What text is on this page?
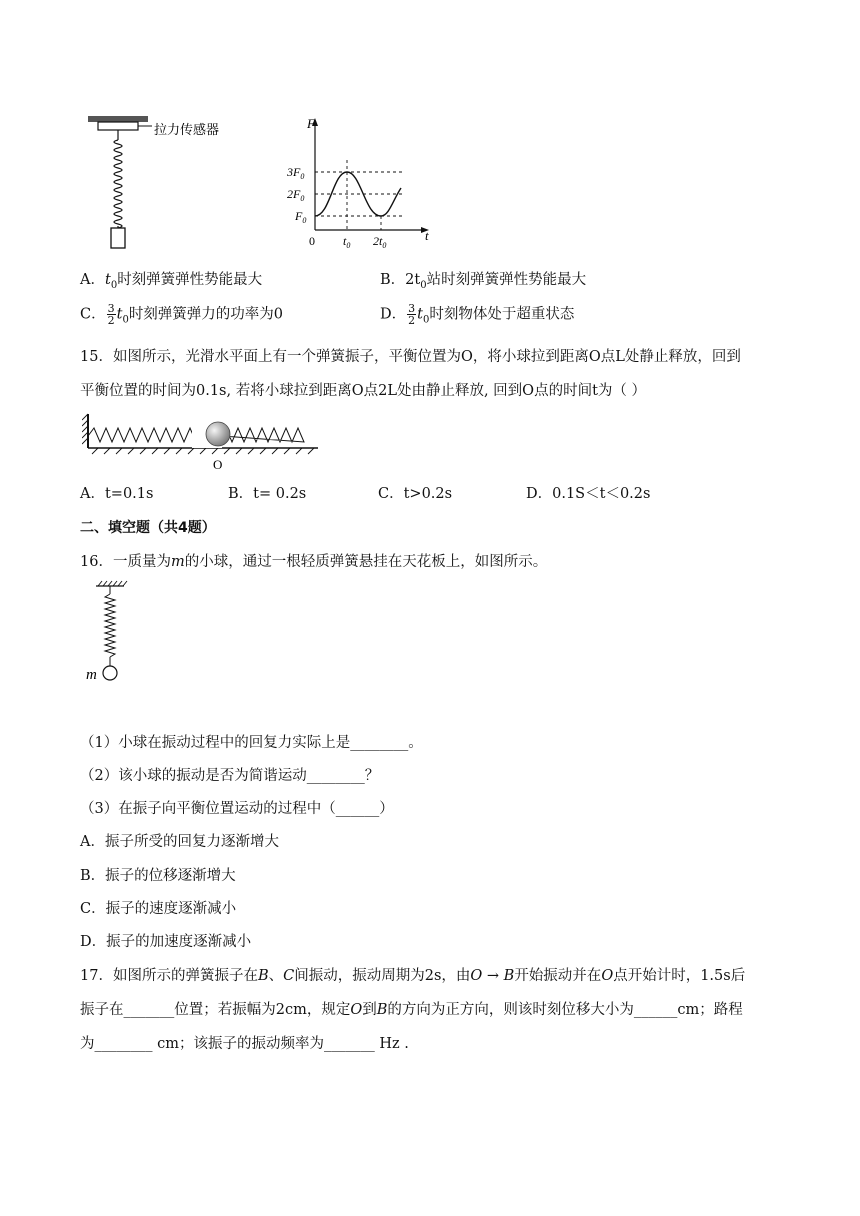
拉力传感器	F
t
$3F_0$
$2F_0$
$F_0$
0 $t_0$ $2t_0$
A．$t_0$时刻弹簧弹性势能最大	B．$2t_0$站时刻弹簧弹性势能最大
C． $\frac{3}{2} t_0$时刻弹簧弹力的功率为0	D． $\frac{3}{2} t_0$时刻物体处于超重状态
15．如图所示，光滑水平面上有一个弹簧振子，平衡位置为O，将小球拉到距离O点L处静止释放，回到
平衡位置的时间为0.1s, 若将小球拉到距离O点2L处由静止释放, 回到O点的时间t为（ ）
O
A．t=0.1s	B．t= 0.2s	C．t>0.2s	D．0.1S＜t＜0.2s
二、填空题（共4题）
16．一质量为m的小球，通过一根轻质弹簧悬挂在天花板上，如图所示。
m
（1）小球在振动过程中的回复力实际上是________。
（2）该小球的振动是否为简谐运动________？
（3）在振子向平衡位置运动的过程中（______）
A．振子所受的回复力逐渐增大
B．振子的位移逐渐增大
C．振子的速度逐渐减小
D．振子的加速度逐渐减小
17．如图所示的弹簧振子在B、C间振动，振动周期为2s，由O → B开始振动并在O点开始计时，1.5s后
振子在_______位置；若振幅为2cm，规定O到B的方向为正方向，则该时刻位移大小为______cm；路程
为________ cm；该振子的振动频率为_______ Hz .
